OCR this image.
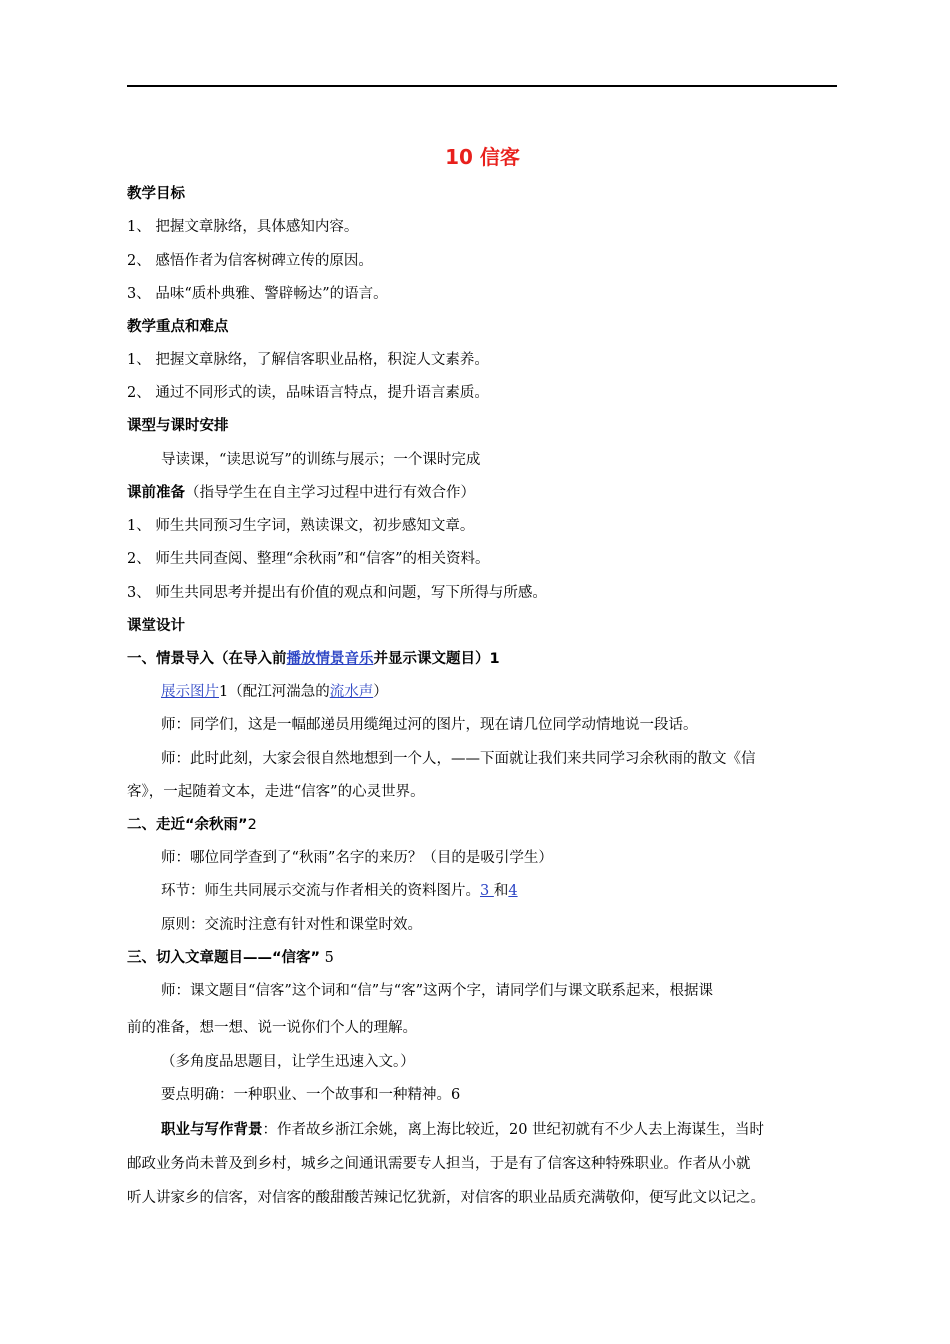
10 信客
教学目标
1、 把握文章脉络，具体感知内容。
2、 感悟作者为信客树碑立传的原因。
3、 品味“质朴典雅、警辟畅达”的语言。
教学重点和难点
1、 把握文章脉络，了解信客职业品格，积淀人文素养。
2、 通过不同形式的读，品味语言特点，提升语言素质。
课型与课时安排
导读课，“读思说写”的训练与展示；一个课时完成
课前准备（指导学生在自主学习过程中进行有效合作）
1、 师生共同预习生字词，熟读课文，初步感知文章。
2、 师生共同查阅、整理“余秋雨”和“信客”的相关资料。
3、 师生共同思考并提出有价值的观点和问题，写下所得与所感。
课堂设计
一、情景导入（在导入前播放情景音乐并显示课文题目）1
展示图片1（配江河湍急的流水声）
师：同学们，这是一幅邮递员用缆绳过河的图片，现在请几位同学动情地说一段话。
师：此时此刻，大家会很自然地想到一个人，——下面就让我们来共同学习余秋雨的散文《信
客》，一起随着文本，走进“信客”的心灵世界。
二、走近“余秋雨”2
师：哪位同学查到了“秋雨”名字的来历？（目的是吸引学生）
环节：师生共同展示交流与作者相关的资料图片。3 和4
原则：交流时注意有针对性和课堂时效。
三、切入文章题目——“信客” 5
师：课文题目“信客”这个词和“信”与“客”这两个字，请同学们与课文联系起来，根据课
前的准备，想一想、说一说你们个人的理解。
（多角度品思题目，让学生迅速入文。）
要点明确：一种职业、一个故事和一种精神。6
职业与写作背景：作者故乡浙江余姚，离上海比较近，20 世纪初就有不少人去上海谋生，当时
邮政业务尚未普及到乡村，城乡之间通讯需要专人担当，于是有了信客这种特殊职业。作者从小就
听人讲家乡的信客，对信客的酸甜酸苦辣记忆犹新，对信客的职业品质充满敬仰，便写此文以记之。
